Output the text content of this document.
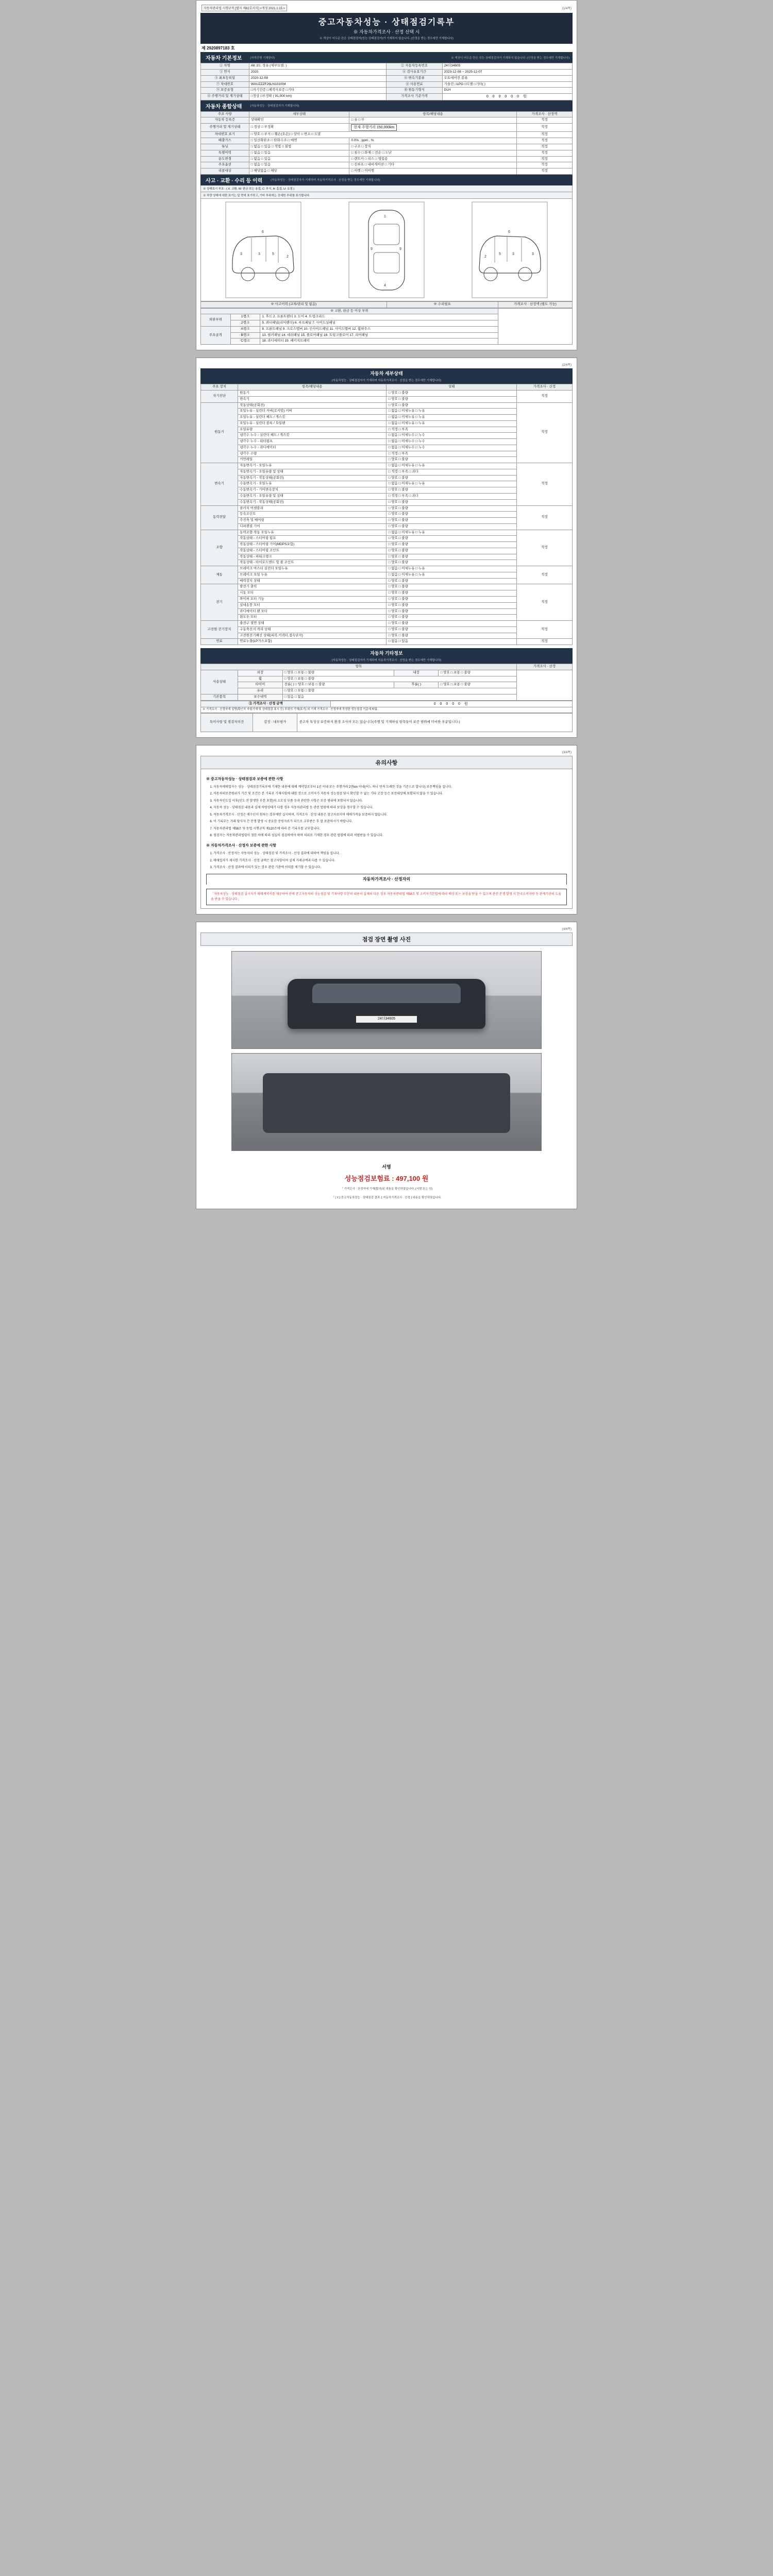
자동차관리법 시행규칙 [별지 제82호서식] <개정 2021.1.15.>	(1/4쪽)
중고자동차성능 · 상태점검기록부
※ 자동차가격조사 · 산정 선택 시
※ 색상이 어두운 란은 상태점검자(성능·상태점검자)가 기재하지 않습니다. (산정을 받는 경우에만 기재합니다)
제 2920897183 호
자동차 기본정보	(자격증명 기재한다)	※ 색상이 어두운 란은 성능·상태점검자가 기재하지 않습니다. (산정을 받는 경우에만 기재합니다)
① 차명	AK 3도 경유 (세부모델: )	② 자동차등록번호	24더34605
③ 연식	2020	④ 검사유효기간	2023-12-08 ~ 2025-12-07
⑤ 최초등록일	2020-12-08	⑥ 변속기종류	오토에어컨 종류
⑦ 차대번호	WAUZZZF26LN101004	⑧ 사용연료	가솔린 □LPG □디젤 □기타( )
⑨ 보증유형	□자기인증 □제작사보증 □기타	⑩ 원동기형식	DLH
⑪ 주행거리 및 계기상태	□정상 □부정확 ( 91,000 km)	가격조사 기준가격	0 0 0 0 0 0 원
자동차 종합상태	(자동차성능 · 상태점검자가 기재합니다)
주요 사항	세부상태	항목/해당내용	가격조사 · 산정액
자동차 등록증	상태확인	□ 유 □ 무	적정
주행거리 및 계기상태	□ 정상 □ 부정확	현재 주행거리 150,000km	적정
차대번호 표기	□ 양호 □ 부식 □ 훼손(오손) □ 상이 □ 변조 □ 도말		적정
배출가스	□ 일산화탄소 □ 탄화수소 □ 매연	0.0% , ppm , %	적정
튜닝	□ 없음 □ 있음 □ 적법 □ 불법	□ 구조 □ 장치	적정
특별이력	□ 없음 □ 있음	□ 침수 □ 화재 □ 전손 □ 도난	적정
용도변경	□ 없음 □ 있음	□ 렌트카 □ 리스 □ 영업용	적정
주요옵션	□ 없음 □ 있음	□ 선루프 □ 내비게이션 □ 기타	적정
리콜대상	□ 해당없음 □ 해당	□ 이행 □ 미이행	적정
사고 · 교환 · 수리 등 이력	(자동차성능 · 상태점검자가 기재하며 자동차가격조사 · 산정을 받는 경우에만 기재합니다)
※ 상태표시 부호 : ( X: 교환, W: 판금 또는 용접, C: 부식, A: 흠집, U: 요철 )
※ 차량 상태에 대한 표기는 앞 면에 표기하고, 기타 부위에는 상세한 부위를 표기합니다.
3	3	5
2
6
1
4
9	9
3
3
5
2
6
※ 사고이력 (교차/권리 및 없음)	※ 수리필요	가격조사 · 산정액 (별도 가능)
※ 교환, 판금 등 이상 부위			
외판부위	1랭크	1. 후드 2. 프론트펜더 3. 도어 4. 트렁크리드	
	2랭크	5. 쿼터패널(리어펜더) 6. 루프패널 7. 사이드실패널	
주요골격	A랭크	8. 프론트패널 9. 크로스멤버 10. 인사이드패널 11. 사이드멤버 12. 휠하우스	
	B랭크	13. 필러패널 14. 대쉬패널 15. 플로어패널 16. 트렁크플로어 17. 리어패널	
	C랭크	18. 라디에이터 19. 패키지트레이	
(2/4쪽)
자동차 세부상태
(자동차성능 · 상태점검자가 기재하며 자동차가격조사 · 산정을 받는 경우에만 기재합니다)
주요 장치	항목/해당내용	상태	가격조사 · 산정
자기진단	원동기	□ 양호 □ 불량	적정
	변속기	□ 양호 □ 불량	
원동기	작동상태(공회전)	□ 양호 □ 불량	적정
	오일누유 - 실린더 커버(로커암) 커버	□ 없음 □ 미세누유 □ 누유	
	오일누유 - 실린더 헤드 / 개스킷	□ 없음 □ 미세누유 □ 누유	
	오일누유 - 실린더 블록 / 오일팬	□ 없음 □ 미세누유 □ 누유	
	오일유량	□ 적정 □ 부족	
	냉각수 누수 - 실린더 헤드 / 개스킷	□ 없음 □ 미세누수 □ 누수	
	냉각수 누수 - 워터펌프	□ 없음 □ 미세누수 □ 누수	
	냉각수 누수 - 라디에이터	□ 없음 □ 미세누수 □ 누수	
	냉각수 수량	□ 적정 □ 부족	
	커먼레일	□ 양호 □ 불량	
변속기	자동변속기 - 오일누유	□ 없음 □ 미세누유 □ 누유	적정
	자동변속기 - 오일유량 및 상태	□ 적정 □ 부족 □ 과다	
	자동변속기 - 작동상태(공회전)	□ 양호 □ 불량	
	수동변속기 - 오일누유	□ 없음 □ 미세누유 □ 누유	
	수동변속기 - 기어변속장치	□ 양호 □ 불량	
	수동변속기 - 오일유량 및 상태	□ 적정 □ 부족 □ 과다	
	수동변속기 - 작동상태(공회전)	□ 양호 □ 불량	
동력전달	클러치 어셈블리	□ 양호 □ 불량	적정
	등속조인트	□ 양호 □ 불량	
	추진축 및 베어링	□ 양호 □ 불량	
	디퍼렌셜 기어	□ 양호 □ 불량	
조향	동력조향 작동 오일누유	□ 없음 □ 미세누유 □ 누유	적정
	작동상태 - 스티어링 펌프	□ 양호 □ 불량	
	작동상태 - 스티어링 기어(MDPS포함)	□ 양호 □ 불량	
	작동상태 - 스티어링 조인트	□ 양호 □ 불량	
	작동상태 - 파워크랭크	□ 양호 □ 불량	
	작동상태 - 타이로드엔드 및 볼 조인트	□ 양호 □ 불량	
제동	브레이크 마스터 실린더 오일누유	□ 없음 □ 미세누유 □ 누유	적정
	브레이크 오일 누유	□ 없음 □ 미세누유 □ 누유	
	배력장치 상태	□ 양호 □ 불량	
전기	발전기 출력	□ 양호 □ 불량	적정
	시동 모터	□ 양호 □ 불량	
	와이퍼 모터 기능	□ 양호 □ 불량	
	실내송풍 모터	□ 양호 □ 불량	
	라디에이터 팬 모터	□ 양호 □ 불량	
	윈도우 모터	□ 양호 □ 불량	
고전원 전기장치	충전구 절연 상태	□ 양호 □ 불량	적정
	구동축전지 격리 상태	□ 양호 □ 불량	
	고전원전기배선 상태(피복,커넥터,접속단자)	□ 양호 □ 불량	
연료	연료누출(LP가스포함)	□ 없음 □ 있음	적정
자동차 기타정보
(자동차성능 · 상태점검자가 기재하며 자동차가격조사 · 산정을 받는 경우에만 기재합니다)
항목					가격조사 · 산정
사용상태	외장	□ 양호 □ 보통 □ 불량	내장	□ 양호 □ 보통 □ 불량	
	휠	□ 양호 □ 보통 □ 불량			
	타이어	전륜( ) □ 양호 □ 보통 □ 불량	후륜( )	□ 양호 □ 보통 □ 불량	
	유리	□ 양호 □ 보통 □ 불량			
기본품목	보수내역	□ 있음 □ 없음			
③ 가격조사 · 산정 금액	0 0 0 0 0 원
※ 가격조사 · 산정자에 설명(확인자 자필기재 및 상태점검 표시 등) 부위의 기재(표기) 외 기재 가격조사 · 산정자에 작성한 성능점검 기준에 따름
특이사항 및 점검자의견	감정 · 내부평가	중고차 특성상 보증하지 환경 조사의 모든 있습니다(주행 및 기재하실 항목들이 보증 범위에 미비한 부분입니다.)
(3/4쪽)
유의사항
※ 중고자동차성능 · 상태점검과 보증에 관한 사항
1. 자동차매매업자는 성능 · 상태점검기록부에 기재한 내용에 대해 계약일로부터 1년 이내 또는 주행거리 2만km 이내(어느 하나 먼저 도래한 것을 기준으로 합니다) 보증책임을 집니다.
2. 자동차의보증범위가 기간 및 조건은 본 기록부 기재사항에 대한 것으로 소비자가 자동차 성능점검 당시 확인할 수 없는 기타 고장 등은 보증대상에 포함되지 않을 수 있습니다.
3. 자동차인도일 이후(인도 전 발생한 부분 포함)의 소모성 부품 등과 관련한 사항은 보증 범위에 포함되지 않습니다.
4. 자동차 성능 · 상태점검 내용과 실제 차량상태가 다를 경우 자동차관리법 등 관련 법령에 따라 보상을 청구할 수 있습니다.
5. 자동차가격조사 · 산정은 매수인이 원하는 경우에만 실시하며, 가격조사 · 산정 내용은 참고자료이며 매매가격을 보증하지 않습니다.
6. 이 기록부는 거래 당사자 간 분쟁 발생 시 중요한 증빙자료가 되므로 교부받은 후 잘 보관하시기 바랍니다.
7. 자동차관리법 제58조 및 동법 시행규칙 제120조에 따라 본 기록부를 교부합니다.
8. 점검자는 자동차관리법령이 정한 바에 따라 성실히 점검하여야 하며 허위로 기재한 경우 관련 법령에 따라 처벌받을 수 있습니다.
※ 자동차가격조사 · 산정자 보증에 관한 사항
1. 가격조사 · 산정자는 자동차의 성능 · 상태점검 및 가격조사 · 산정 결과에 대하여 책임을 집니다.
2. 매매업자가 제시한 가격조사 · 산정 금액은 참고사항이며 실제 거래금액과 다를 수 있습니다.
3. 가격조사 · 산정 결과에 이의가 있는 경우 관련 기관에 이의를 제기할 수 있습니다.
자동차가격조사 · 산정자의
「자동차성능 · 상태점검 실시자가 매매계약서를 제공하여 판매 중고자동차의 성능점검 및 기재사항 부분의 내용이 실제와 다른 경우 자동차관리법 제58조 및 소비자기본법에 따라 배상 또는 보상을 받을 수 있으며 관련 분쟁 발생 시 한국소비자원 등 관계기관의 도움을 받을 수 있습니다.」
(4/4쪽)
점검 장면 촬영 사진
24더34605
서명
성능점검보험료 : 497,100 원
「 가격조사 · 산정자에 기재(합의)된 내용을 확인하였습니다. (서명 또는 인)
「 [ Y ] 중고자동차성능 · 상태점검 결과, [ 자동차가격조사 · 산정 ] 내용을 확인하였습니다.
